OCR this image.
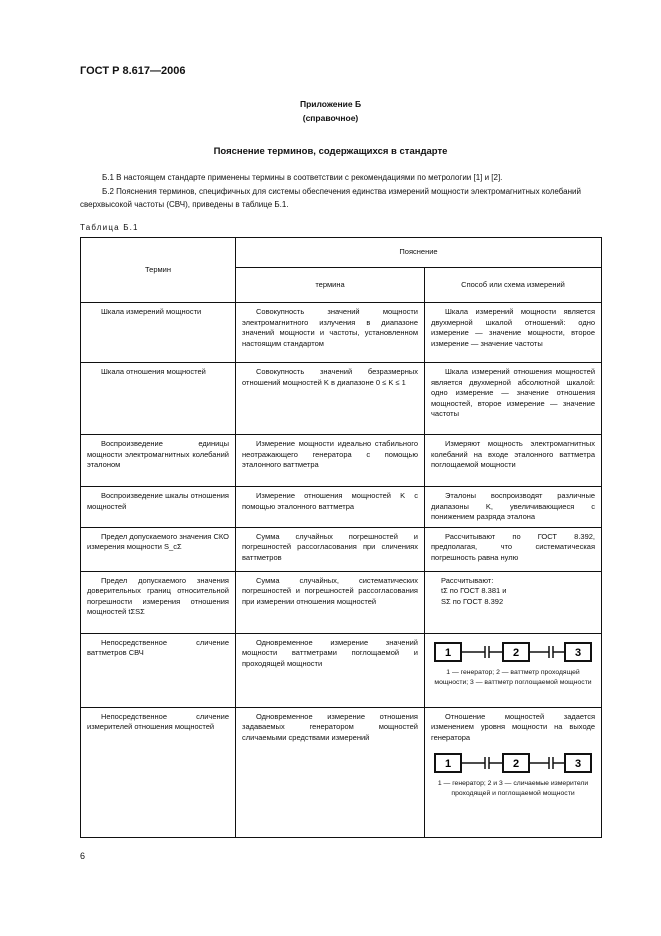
ГОСТ Р 8.617—2006
Приложение Б
(справочное)
Пояснение терминов, содержащихся в стандарте

Б.1 В настоящем стандарте применены термины в соответствии с рекомендациями по метрологии [1] и [2].

Б.2 Пояснения терминов, специфичных для системы обеспечения единства измерений мощности электромагнитных колебаний сверхвысокой частоты (СВЧ), приведены в таблице Б.1.

Таблица Б.1
Термин	Пояснение	
	термина	Способ или схема измерений
Шкала измерений мощности	Совокупность значений мощности электромагнитного излучения в диапазоне значений мощности и частоты, установленном настоящим стандартом	Шкала измерений мощности является двухмерной шкалой отношений: одно измерение — значение мощности, второе измерение — значение частоты
Шкала отношения мощностей	Совокупность значений безразмерных отношений мощностей K в диапазоне 0 ≤ K ≤ 1	Шкала измерений отношения мощностей является двухмерной абсолютной шкалой: одно измерение — значение отношения мощностей, второе измерение — значение частоты
Воспроизведение единицы мощности электромагнитных колебаний эталоном	Измерение мощности идеально стабильного неотражающего генератора с помощью эталонного ваттметра	Измеряют мощность электромагнитных колебаний на входе эталонного ваттметра поглощаемой мощности
Воспроизведение шкалы отношения мощностей	Измерение отношения мощностей K с помощью эталонного ваттметра	Эталоны воспроизводят различные диапазоны K, увеличивающиеся с понижением разряда эталона
Предел допускаемого значения СКО измерения мощности S_cΣ	Сумма случайных погрешностей и погрешностей рассогласования при сличениях ваттметров	Рассчитывают по ГОСТ 8.392, предполагая, что систематическая погрешность равна нулю
Предел допускаемого значения доверительных границ относительной погрешности измерения отношения мощностей tΣSΣ	Сумма случайных, систематических погрешностей и погрешностей рассогласования при измерении отношения мощностей	Рассчитывают:
tΣ по ГОСТ 8.381 и
SΣ по ГОСТ 8.392

Непосредственное сличение ваттметров СВЧ	Одновременное измерение значений мощности ваттметрами поглощаемой и проходящей мощности	1 2 3
1 — генератор; 2 — ваттметр проходящей мощности; 3 — ваттметр поглощаемой мощности

Непосредственное сличение измерителей отношения мощностей	Одновременное измерение отношения задаваемых генератором мощностей сличаемыми средствами измерений	Отношение мощностей задается изменением уровня мощности на выходе генератора
1 2 3
1 — генератор; 2 и 3 — сличаемые измерители проходящей и поглощаемой мощности
6
